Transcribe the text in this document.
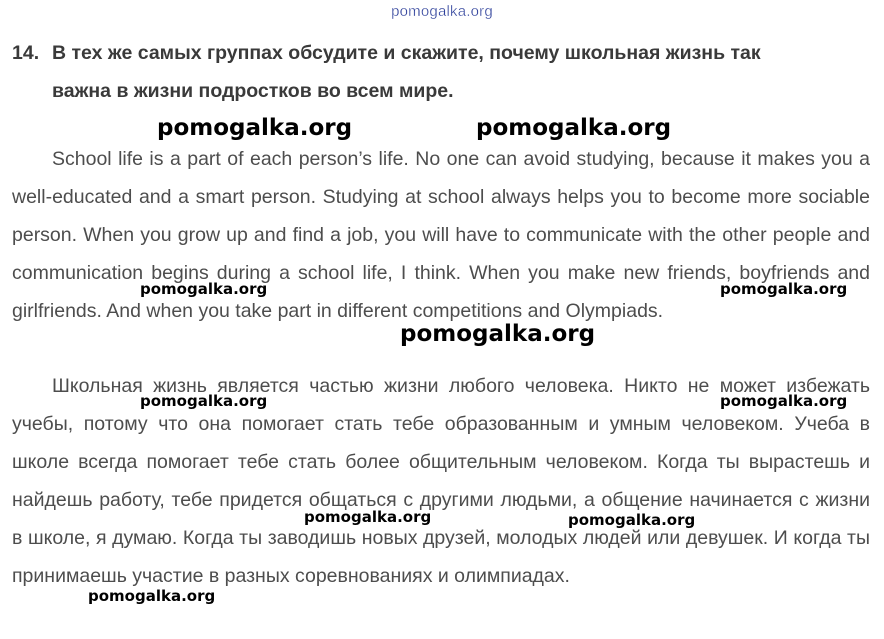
pomogalka.org
14. В тех же самых группах обсудите и скажите, почему школьная жизнь так
важна в жизни подростков во всем мире.

School life is a part of each person’s life. No one can avoid studying, because it makes you a well-educated and a smart person. Studying at school always helps you to become more sociable person. When you grow up and find a job, you will have to communicate with the other people and communication begins during a school life, I think. When you make new friends, boyfriends and girlfriends. And when you take part in different competitions and Olympiads.

Школьная жизнь является частью жизни любого человека. Никто не может избежать учебы, потому что она помогает стать тебе образованным и умным человеком. Учеба в школе всегда помогает тебе стать более общительным человеком. Когда ты вырастешь и найдешь работу, тебе придется общаться с другими людьми, а общение начинается с жизни в школе, я думаю. Когда ты заводишь новых друзей, молодых людей или девушек. И когда ты принимаешь участие в разных соревнованиях и олимпиадах.

pomogalka.org	pomogalka.org
pomogalka.org	pomogalka.org
pomogalka.org
pomogalka.org	pomogalka.org
pomogalka.org	pomogalka.org
pomogalka.org
